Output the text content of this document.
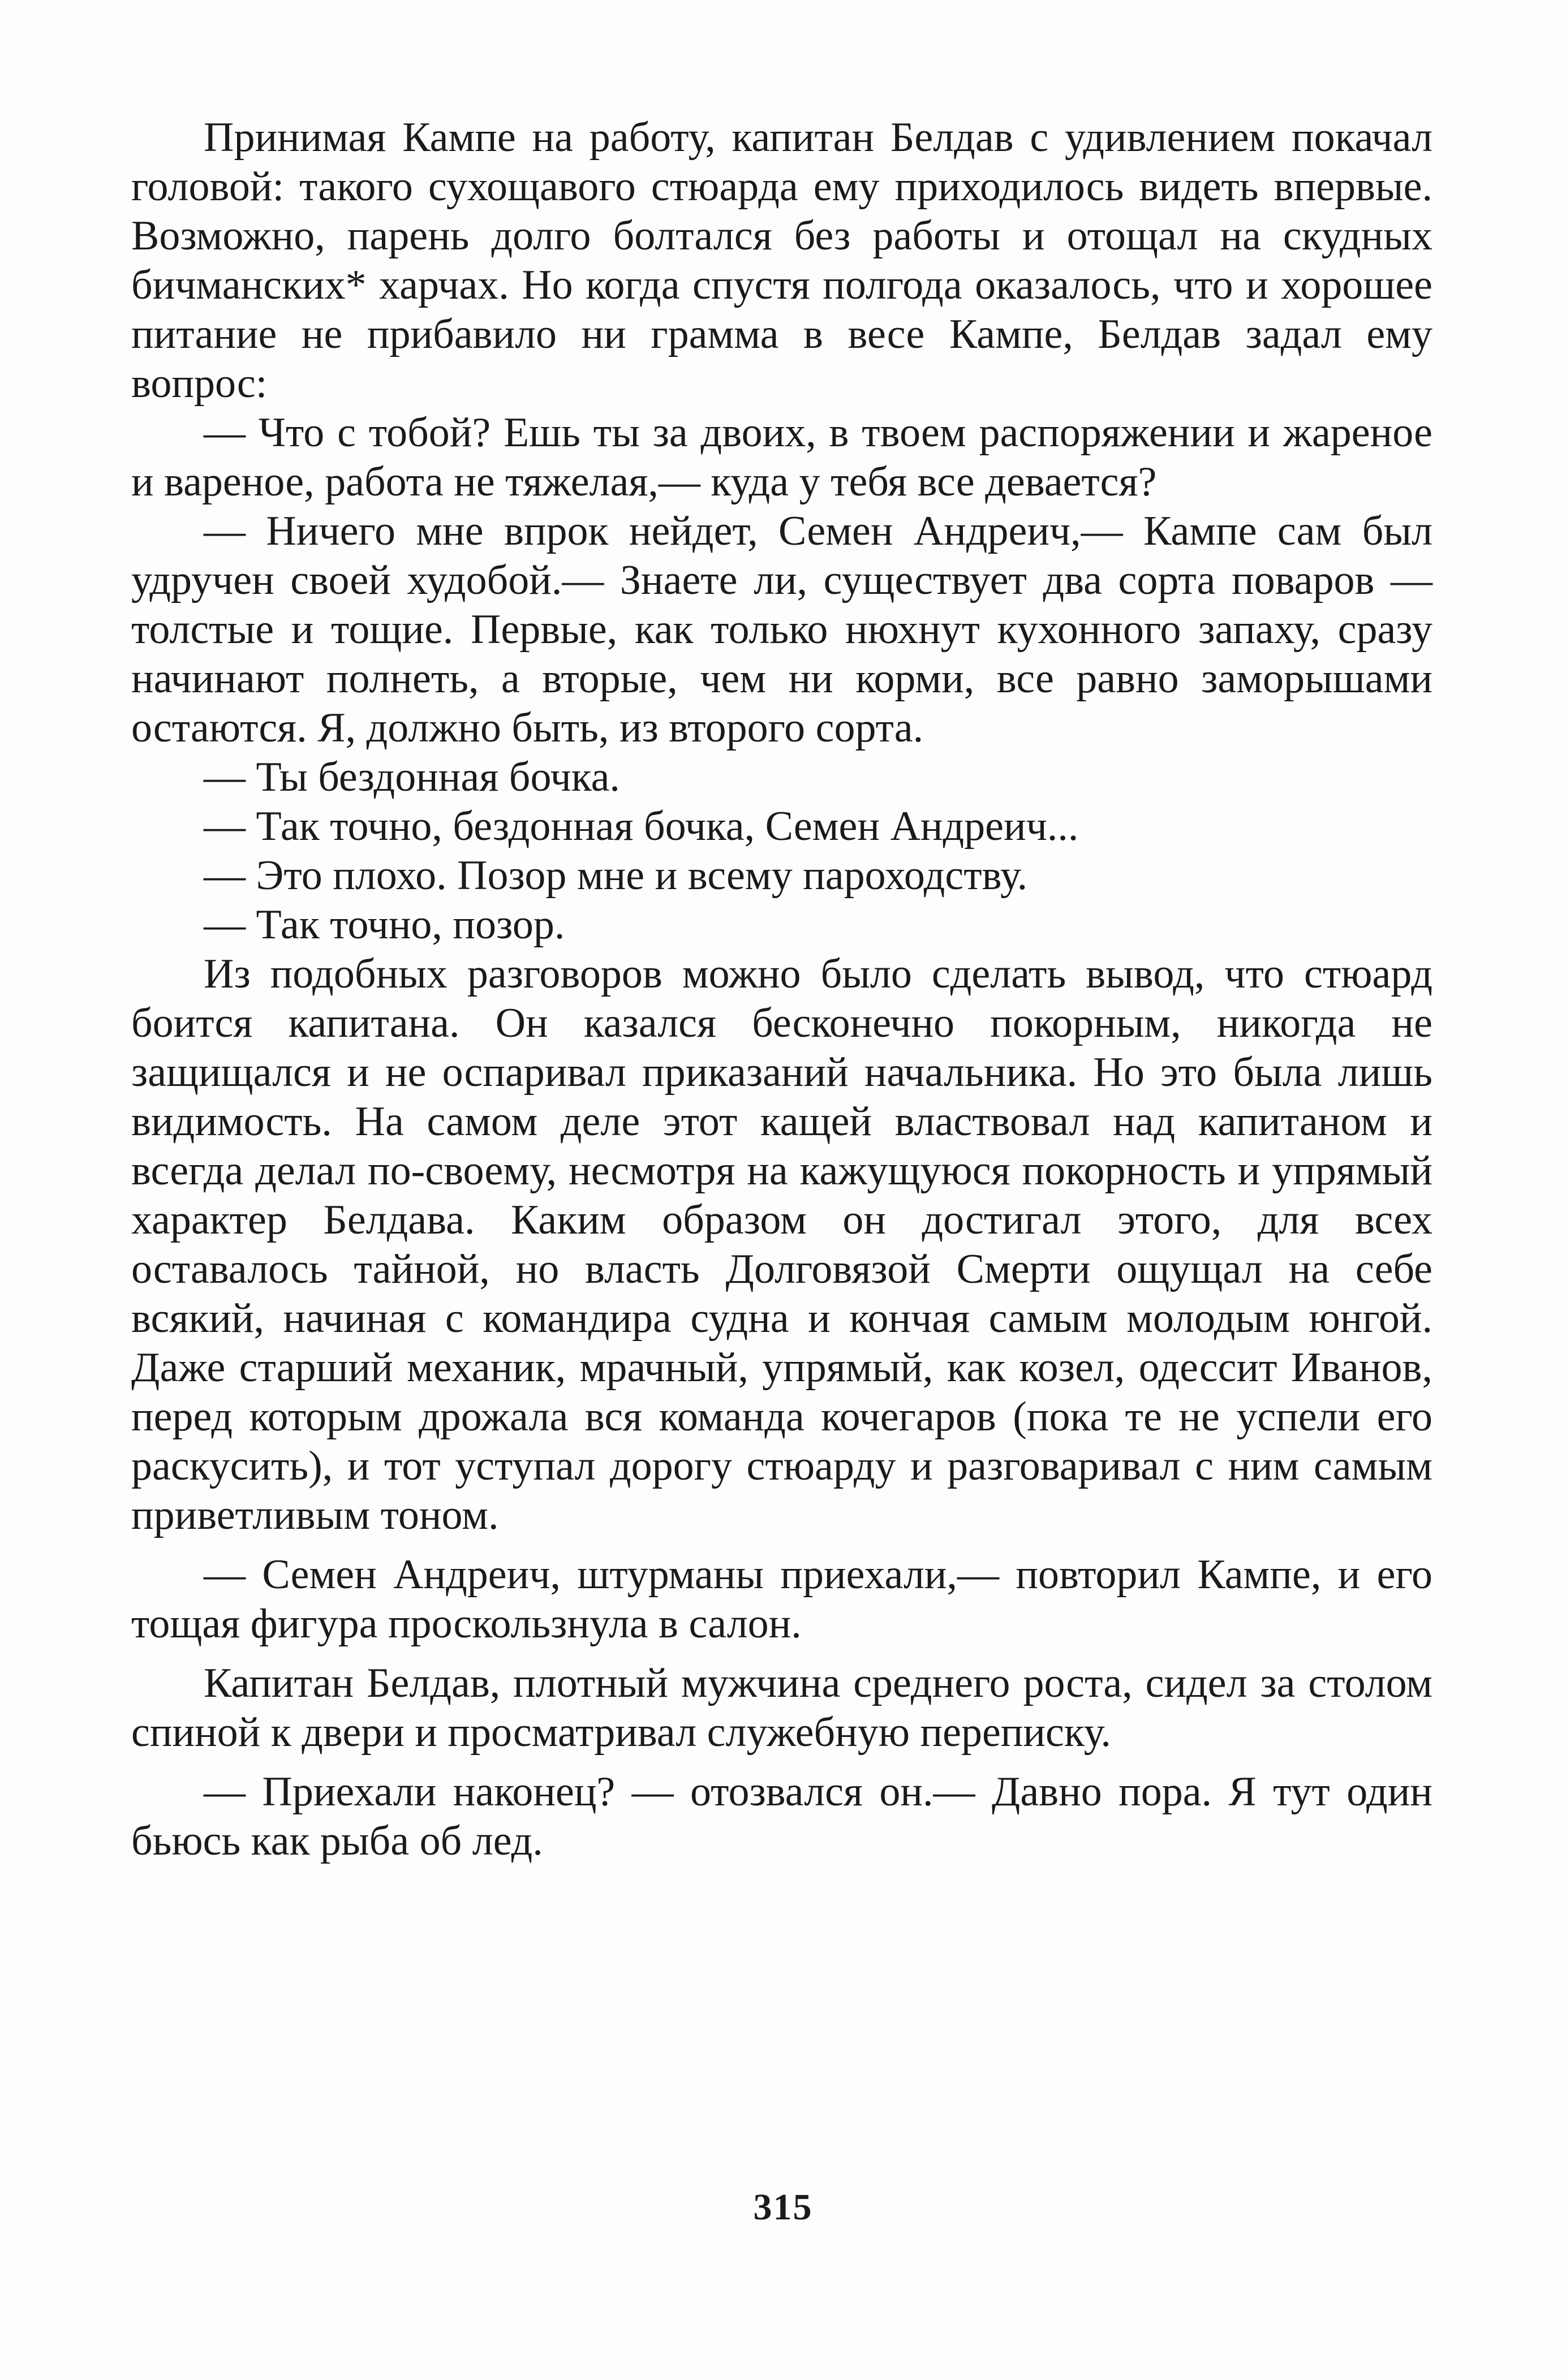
Принимая Кампе на работу, капитан Белдав с удивлением покачал головой: такого сухощавого стюарда ему приходилось видеть впервые. Возможно, парень долго болтался без работы и отощал на скудных бичманских* харчах. Но когда спустя полгода оказалось, что и хорошее питание не прибавило ни грамма в весе Кампе, Белдав задал ему вопрос:

— Что с тобой? Ешь ты за двоих, в твоем распоряжении и жареное и вареное, работа не тяжелая,— куда у тебя все девается?

— Ничего мне впрок нейдет, Семен Андреич,— Кампе сам был удручен своей худобой.— Знаете ли, существует два сорта поваров — толстые и тощие. Первые, как только нюхнут кухонного запаху, сразу начинают полнеть, а вторые, чем ни корми, все равно заморышами остаются. Я, должно быть, из второго сорта.

— Ты бездонная бочка.

— Так точно, бездонная бочка, Семен Андреич...

— Это плохо. Позор мне и всему пароходству.

— Так точно, позор.

Из подобных разговоров можно было сделать вывод, что стюард боится капитана. Он казался бесконечно покорным, никогда не защищался и не оспаривал приказаний начальника. Но это была лишь видимость. На самом деле этот кащей властвовал над капитаном и всегда делал по-своему, несмотря на кажущуюся покорность и упрямый характер Белдава. Каким образом он достигал этого, для всех оставалось тайной, но власть Долговязой Смерти ощущал на себе всякий, начиная с командира судна и кончая самым молодым юнгой. Даже старший механик, мрачный, упрямый, как козел, одессит Иванов, перед которым дрожала вся команда кочегаров (пока те не успели его раскусить), и тот уступал дорогу стюарду и разговаривал с ним самым приветливым тоном.

— Семен Андреич, штурманы приехали,— повторил Кампе, и его тощая фигура проскользнула в салон.

Капитан Белдав, плотный мужчина среднего роста, сидел за столом спиной к двери и просматривал служебную переписку.

— Приехали наконец? — отозвался он.— Давно пора. Я тут один бьюсь как рыба об лед.

315
